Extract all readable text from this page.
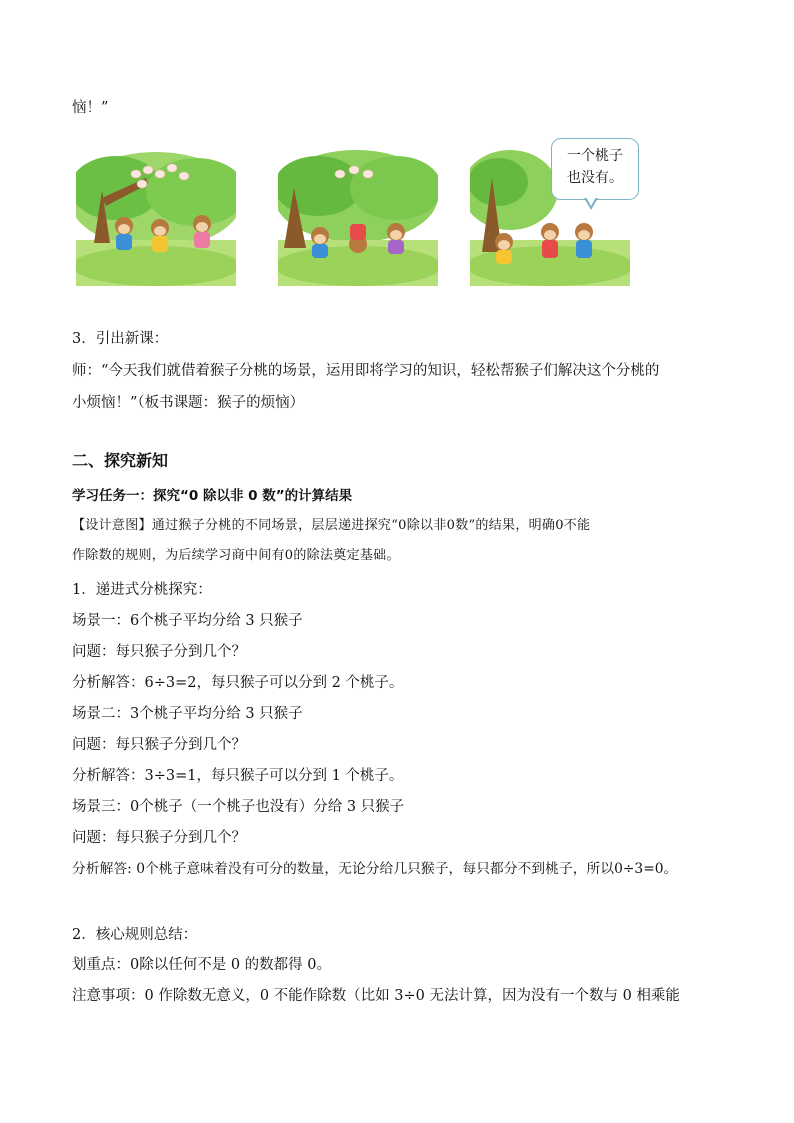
恼！”
一个桃子
也没有。
3．引出新课：
师：“今天我们就借着猴子分桃的场景，运用即将学习的知识，轻松帮猴子们解决这个分桃的
小烦恼！”（板书课题：猴子的烦恼）
二、探究新知
学习任务一：探究“0 除以非 0 数”的计算结果
【设计意图】通过猴子分桃的不同场景，层层递进探究“0除以非0数”的结果，明确0不能
作除数的规则，为后续学习商中间有0的除法奠定基础。
1．递进式分桃探究：
场景一：6个桃子平均分给 3 只猴子
问题：每只猴子分到几个？
分析解答：6÷3=2，每只猴子可以分到 2 个桃子。
场景二：3个桃子平均分给 3 只猴子
问题：每只猴子分到几个？
分析解答：3÷3=1，每只猴子可以分到 1 个桃子。
场景三：0个桃子（一个桃子也没有）分给 3 只猴子
问题：每只猴子分到几个？
分析解答: 0个桃子意味着没有可分的数量，无论分给几只猴子，每只都分不到桃子，所以0÷3=0。
2．核心规则总结：
划重点：0除以任何不是 0 的数都得 0。
注意事项：0 作除数无意义，0 不能作除数（比如 3÷0 无法计算，因为没有一个数与 0 相乘能
